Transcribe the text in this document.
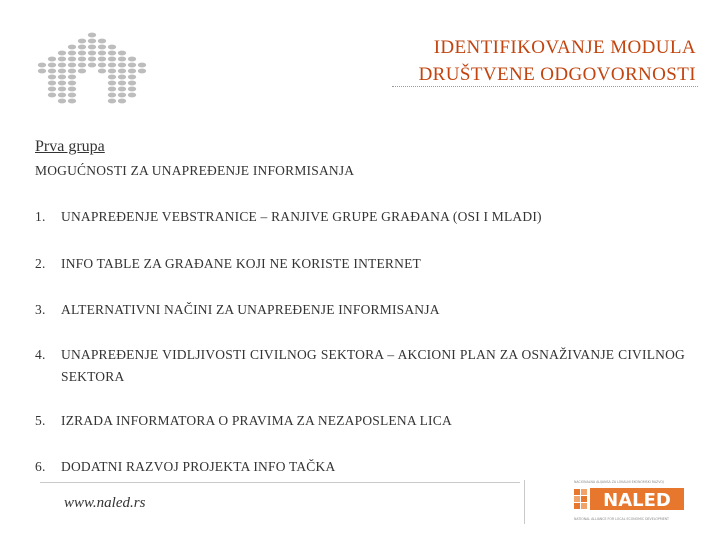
IDENTIFIKOVANJE MODULA
DRUŠTVENE ODGOVORNOSTI
Prva grupa
MOGUĆNOSTI ZA UNAPREĐENJE INFORMISANJA
1. UNAPREĐENJE VEBSTRANICE – RANJIVE GRUPE GRAĐANA (OSI I MLADI)
2. INFO TABLE ZA GRAĐANE KOJI NE KORISTE INTERNET
3. ALTERNATIVNI NAČINI ZA UNAPREĐENJE INFORMISANJA
4. UNAPREĐENJE VIDLJIVOSTI CIVILNOG SEKTORA – AKCIONI PLAN ZA OSNAŽIVANJE CIVILNOG SEKTORA
5. IZRADA INFORMATORA O PRAVIMA ZA NEZAPOSLENA LICA
6. DODATNI RAZVOJ PROJEKTA INFO TAČKA
www.naled.rs
NACIONALNA ALIJANSA ZA LOKALNI EKONOMSKI RAZVOJ
NALED
NATIONAL ALLIANCE FOR LOCAL ECONOMIC DEVELOPMENT
